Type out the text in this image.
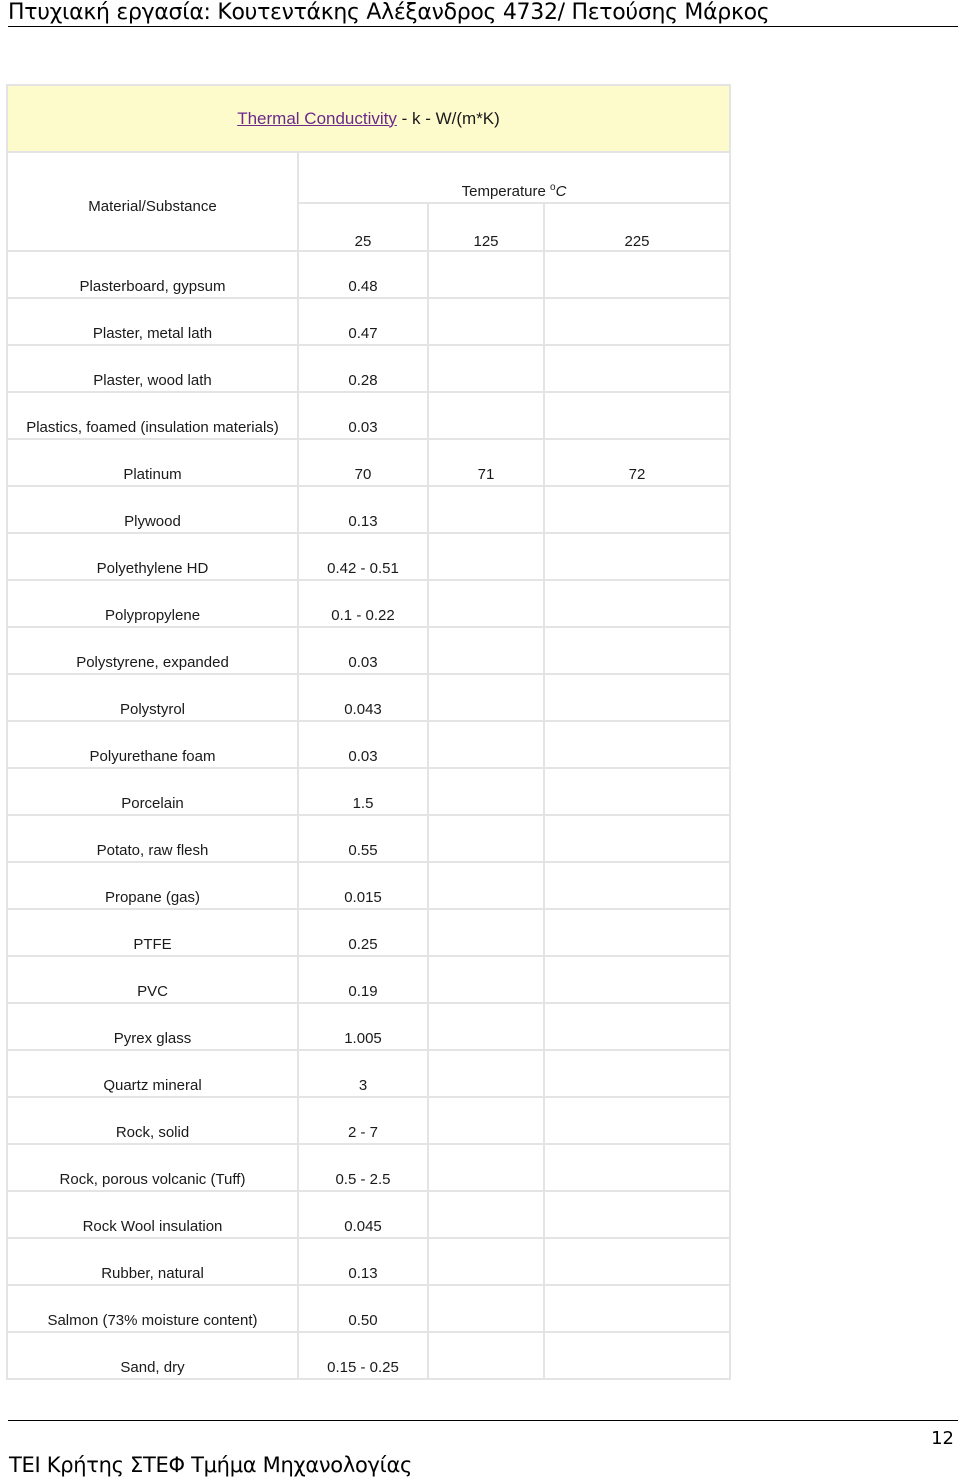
Πτυχιακή εργασία: Κουτεντάκης Αλέξανδρος 4732/ Πετούσης Μάρκος
Thermal Conductivity - k - W/(m*K)			
Material/Substance	Temperature $^o$C		
	25	125	225
Plasterboard, gypsum	0.48		
Plaster, metal lath	0.47		
Plaster, wood lath	0.28		
Plastics, foamed (insulation materials)	0.03		
Platinum	70	71	72
Plywood	0.13		
Polyethylene HD	0.42 - 0.51		
Polypropylene	0.1 - 0.22		
Polystyrene, expanded	0.03		
Polystyrol	0.043		
Polyurethane foam	0.03		
Porcelain	1.5		
Potato, raw flesh	0.55		
Propane (gas)	0.015		
PTFE	0.25		
PVC	0.19		
Pyrex glass	1.005		
Quartz mineral	3		
Rock, solid	2 - 7		
Rock, porous volcanic (Tuff)	0.5 - 2.5		
Rock Wool insulation	0.045		
Rubber, natural	0.13		
Salmon (73% moisture content)	0.50		
Sand, dry	0.15 - 0.25		
12
ΤΕΙ Κρήτης ΣΤΕΦ Τμήμα Μηχανολογίας
